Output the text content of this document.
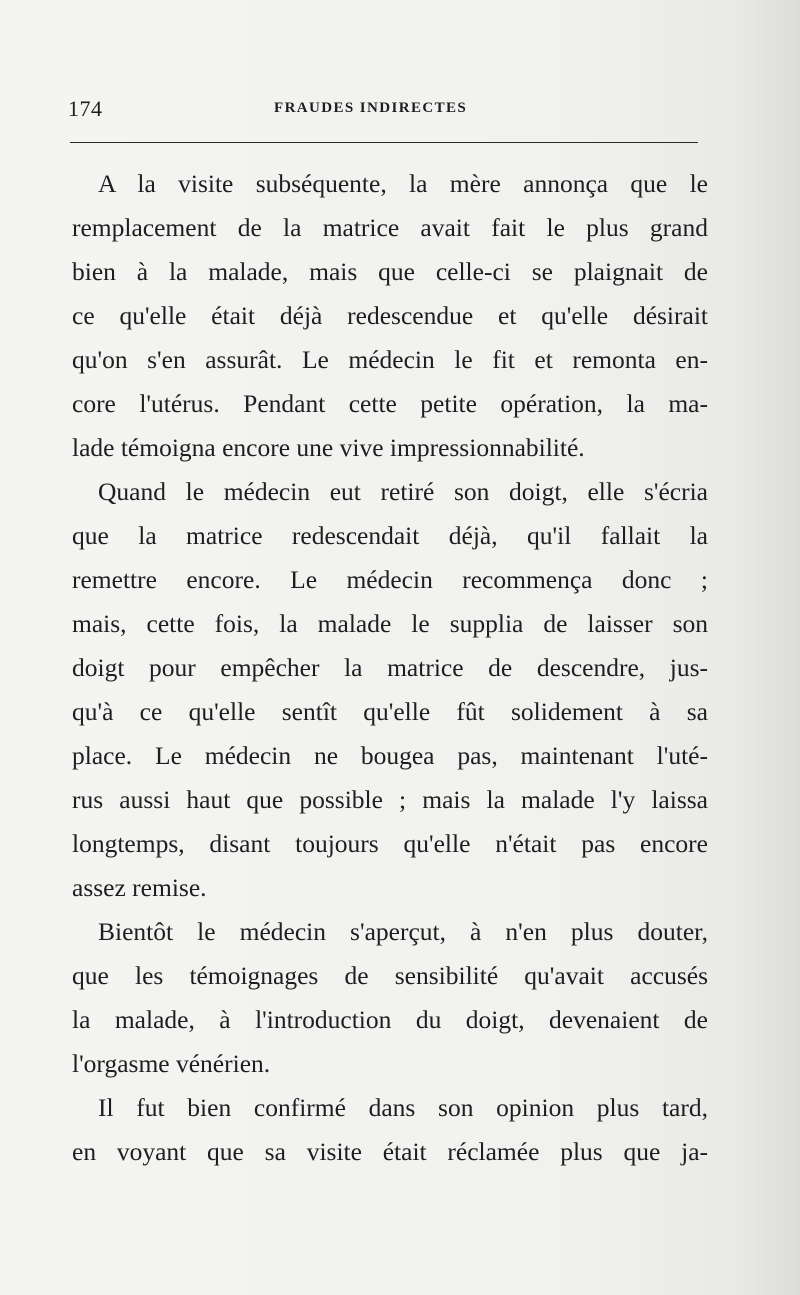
174	FRAUDES INDIRECTES
A la visite subséquente, la mère annonça que le
remplacement de la matrice avait fait le plus grand
bien à la malade, mais que celle-ci se plaignait de
ce qu'elle était déjà redescendue et qu'elle désirait
qu'on s'en assurât. Le médecin le fit et remonta en-
core l'utérus. Pendant cette petite opération, la ma-
lade témoigna encore une vive impressionnabilité.
Quand le médecin eut retiré son doigt, elle s'écria
que la matrice redescendait déjà, qu'il fallait la
remettre encore. Le médecin recommença donc ;
mais, cette fois, la malade le supplia de laisser son
doigt pour empêcher la matrice de descendre, jus-
qu'à ce qu'elle sentît qu'elle fût solidement à sa
place. Le médecin ne bougea pas, maintenant l'uté-
rus aussi haut que possible ; mais la malade l'y laissa
longtemps, disant toujours qu'elle n'était pas encore
assez remise.
Bientôt le médecin s'aperçut, à n'en plus douter,
que les témoignages de sensibilité qu'avait accusés
la malade, à l'introduction du doigt, devenaient de
l'orgasme vénérien.
Il fut bien confirmé dans son opinion plus tard,
en voyant que sa visite était réclamée plus que ja-
